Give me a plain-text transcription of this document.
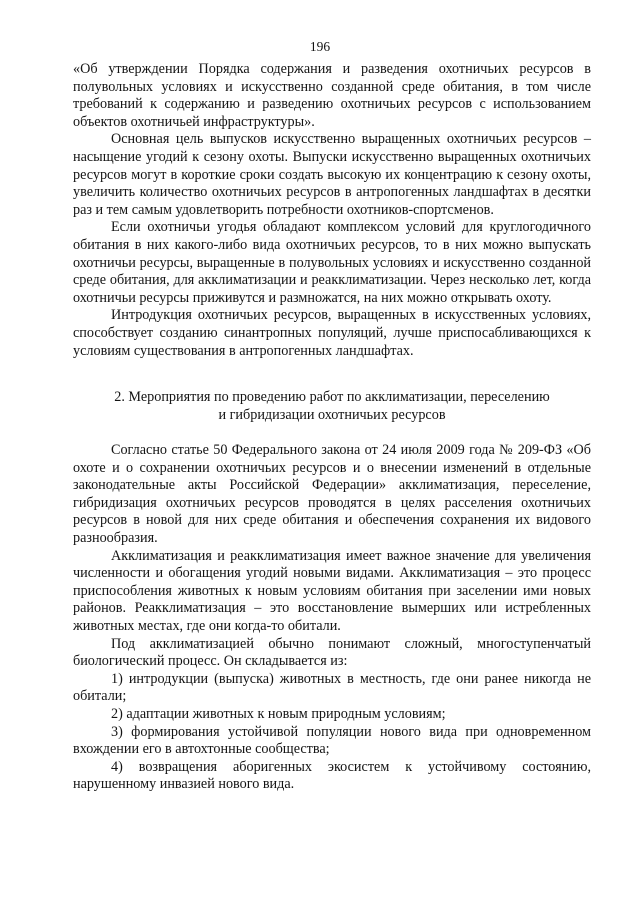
196

«Об утверждении Порядка содержания и разведения охотничьих ресурсов в полувольных условиях и искусственно созданной среде обитания, в том числе требований к содержанию и разведению охотничьих ресурсов с использованием объектов охотничьей инфраструктуры».

Основная цель выпусков искусственно выращенных охотничьих ресурсов – насыщение угодий к сезону охоты. Выпуски искусственно выращенных охотничьих ресурсов могут в короткие сроки создать высокую их концентрацию к сезону охоты, увеличить количество охотничьих ресурсов в антропогенных ландшафтах в десятки раз и тем самым удовлетворить потребности охотников-спортсменов.

Если охотничьи угодья обладают комплексом условий для круглогодичного обитания в них какого-либо вида охотничьих ресурсов, то в них можно выпускать охотничьи ресурсы, выращенные в полувольных условиях и искусственно созданной среде обитания, для акклиматизации и реакклиматизации. Через несколько лет, когда охотничьи ресурсы приживутся и размножатся, на них можно открывать охоту.

Интродукция охотничьих ресурсов, выращенных в искусственных условиях, способствует созданию синантропных популяций, лучше приспосабливающихся к условиям существования в антропогенных ландшафтах.

2. Мероприятия по проведению работ по акклиматизации, переселению
и гибридизации охотничьих ресурсов

Согласно статье 50 Федерального закона от 24 июля 2009 года № 209-ФЗ «Об охоте и о сохранении охотничьих ресурсов и о внесении изменений в отдельные законодательные акты Российской Федерации» акклиматизация, переселение, гибридизация охотничьих ресурсов проводятся в целях расселения охотничьих ресурсов в новой для них среде обитания и обеспечения сохранения их видового разнообразия.

Акклиматизация и реакклиматизация имеет важное значение для увеличения численности и обогащения угодий новыми видами. Акклиматизация – это процесс приспособления животных к новым условиям обитания при заселении ими новых районов. Реакклиматизация – это восстановление вымерших или истребленных животных местах, где они когда-то обитали.

Под акклиматизацией обычно понимают сложный, многоступенчатый биологический процесс. Он складывается из:

1) интродукции (выпуска) животных в местность, где они ранее никогда не обитали;

2) адаптации животных к новым природным условиям;

3) формирования устойчивой популяции нового вида при одновременном вхождении его в автохтонные сообщества;

4) возвращения аборигенных экосистем к устойчивому состоянию, нарушенному инвазией нового вида.
